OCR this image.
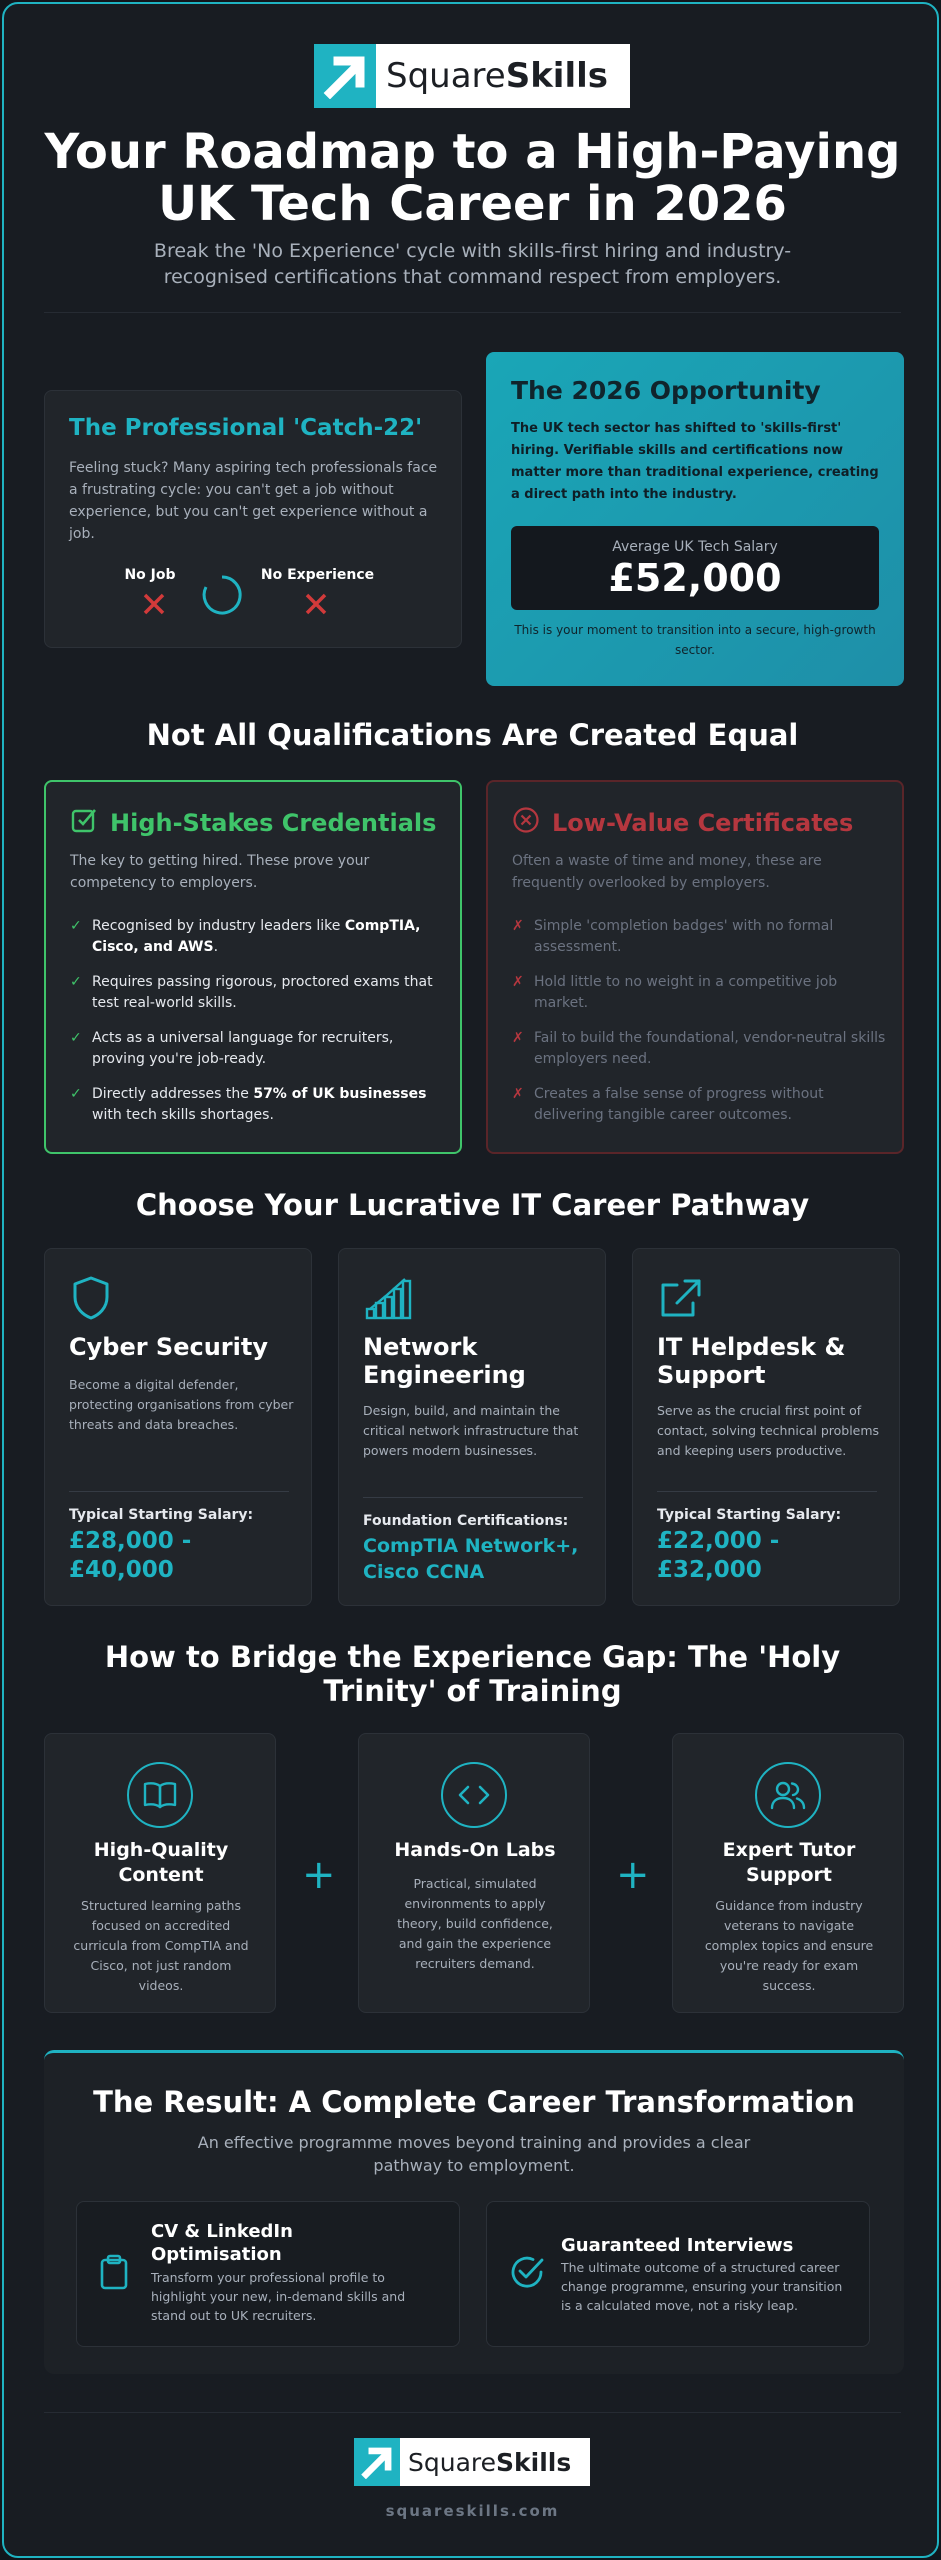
SquareSkills
Your Roadmap to a High-Paying UK Tech Career in 2026
Break the 'No Experience' cycle with skills-first hiring and industry-recognised certifications that command respect from employers.
The Professional 'Catch-22'
Feeling stuck? Many aspiring tech professionals face a frustrating cycle: you can't get a job without experience, but you can't get experience without a job.
No Job	No Experience
The 2026 Opportunity
The UK tech sector has shifted to 'skills-first' hiring. Verifiable skills and certifications now matter more than traditional experience, creating a direct path into the industry.
Average UK Tech Salary
£52,000
This is your moment to transition into a secure, high-growth sector.
Not All Qualifications Are Created Equal
High-Stakes Credentials
The key to getting hired. These prove your competency to employers.
✓ Recognised by industry leaders like CompTIA, Cisco, and AWS.
✓ Requires passing rigorous, proctored exams that test real-world skills.
✓ Acts as a universal language for recruiters, proving you're job-ready.
✓ Directly addresses the 57% of UK businesses with tech skills shortages.
Low-Value Certificates
Often a waste of time and money, these are frequently overlooked by employers.
✗ Simple 'completion badges' with no formal assessment.
✗ Hold little to no weight in a competitive job market.
✗ Fail to build the foundational, vendor-neutral skills employers need.
✗ Creates a false sense of progress without delivering tangible career outcomes.
Choose Your Lucrative IT Career Pathway
Cyber Security
Become a digital defender, protecting organisations from cyber threats and data breaches.
Typical Starting Salary:
£28,000 - £40,000
Network Engineering
Design, build, and maintain the critical network infrastructure that powers modern businesses.
Foundation Certifications:
CompTIA Network+, Cisco CCNA
IT Helpdesk & Support
Serve as the crucial first point of contact, solving technical problems and keeping users productive.
Typical Starting Salary:
£22,000 - £32,000
How to Bridge the Experience Gap: The 'Holy Trinity' of Training
High-Quality Content
Structured learning paths focused on accredited curricula from CompTIA and Cisco, not just random videos.
+
Hands-On Labs
Practical, simulated environments to apply theory, build confidence, and gain the experience recruiters demand.
+
Expert Tutor Support
Guidance from industry veterans to navigate complex topics and ensure you're ready for exam success.
The Result: A Complete Career Transformation
An effective programme moves beyond training and provides a clear pathway to employment.
CV & LinkedIn Optimisation
Transform your professional profile to highlight your new, in-demand skills and stand out to UK recruiters.
Guaranteed Interviews
The ultimate outcome of a structured career change programme, ensuring your transition is a calculated move, not a risky leap.
SquareSkills
squareskills.com
